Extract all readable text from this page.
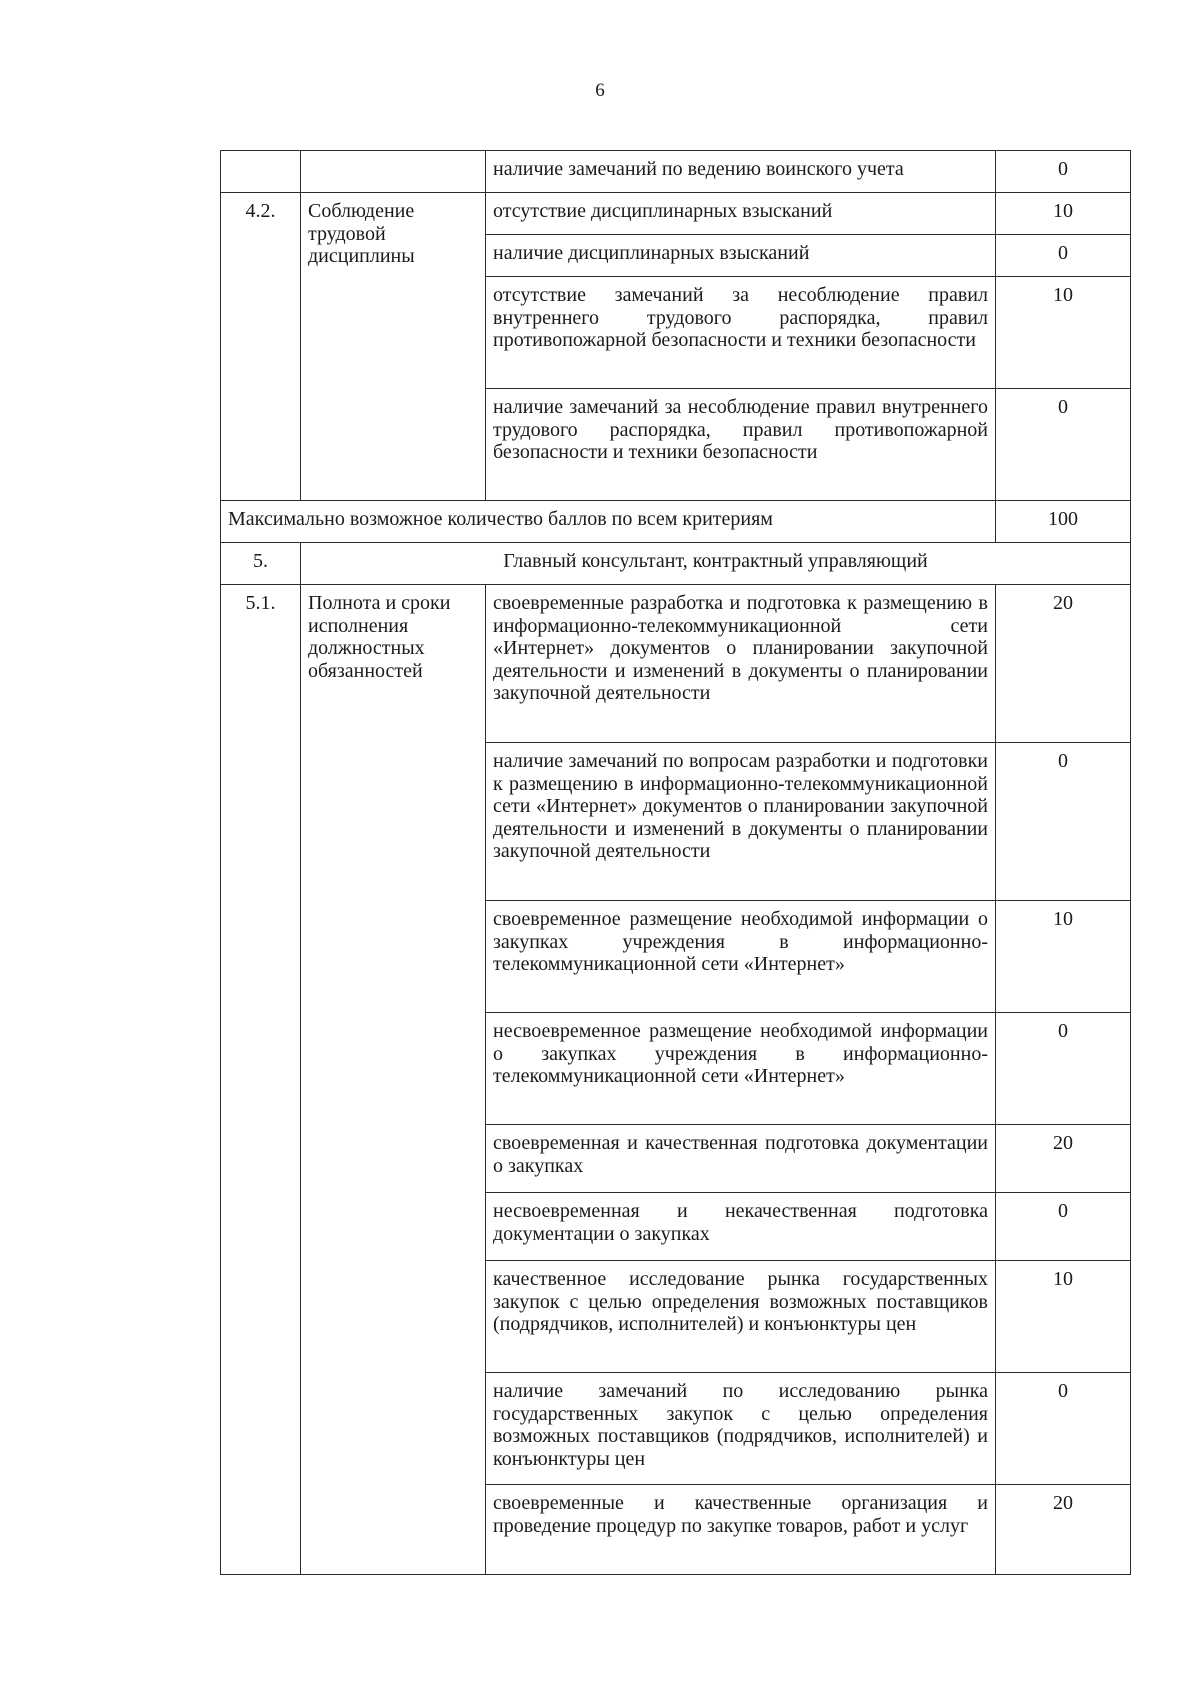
6
		наличие замечаний по ведению воинского учета	0
4.2.	Соблюдение трудовой дисциплины	отсутствие дисциплинарных взысканий	10
		наличие дисциплинарных взысканий	0
		отсутствие замечаний за несоблюдение правил внутреннего трудового распорядка, правил противопожарной безопасности и техники безопасности	10
		наличие замечаний за несоблюдение правил внутреннего трудового распорядка, правил противопожарной безопасности и техники безопасности	0
Максимально возможное количество баллов по всем критериям			100
5.	Главный консультант, контрактный управляющий		
5.1.	Полнота и сроки исполнения должностных обязанностей	своевременные разработка и подготовка к размещению в информационно-телекоммуникационной сети «Интернет» документов о планировании закупочной деятельности и изменений в документы о планировании закупочной деятельности	20
		наличие замечаний по вопросам разработки и подготовки к размещению в информационно-телекоммуникационной сети «Интернет» документов о планировании закупочной деятельности и изменений в документы о планировании закупочной деятельности	0
		своевременное размещение необходимой информации о закупках учреждения в информационно-телекоммуникационной сети «Интернет»	10
		несвоевременное размещение необходимой информации о закупках учреждения в информационно-телекоммуникационной сети «Интернет»	0
		своевременная и качественная подготовка документации о закупках	20
		несвоевременная и некачественная подготовка документации о закупках	0
		качественное исследование рынка государственных закупок с целью определения возможных поставщиков (подрядчиков, исполнителей) и конъюнктуры цен	10
		наличие замечаний по исследованию рынка государственных закупок с целью определения возможных поставщиков (подрядчиков, исполнителей) и конъюнктуры цен	0
		своевременные и качественные организация и проведение процедур по закупке товаров, работ и услуг	20
